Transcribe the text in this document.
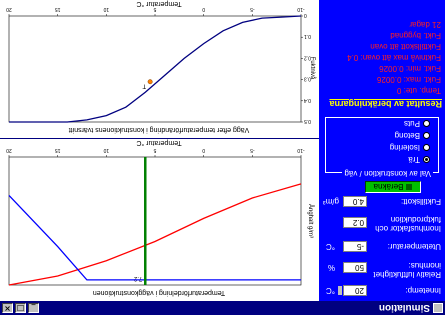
Simulation
_
□
×
Innetemp:
20
°C
Relativ luftfuktighet
inomhus:
50
%
Utetemperatur:
-5
°C
Inomhusfaktor och
fuktproduktion
0.2
Fuktillskott:
4.0
g/m³
Beräkna
Val av konstruktion / väg
Trä
Isolering
Betong
Puts
Resultat av beräkningarna
Temp. ute: 0
Fukt. max: 0.0026
Fukt. min: 0.0026
Fuktnivå max ätt ovan: 0.4
Fukttillskott ätt ovan
Fukt. byggnad
21 dagar
Temperaturfördelning i väggkonstruktionen
Temperatur °C
Ånghalt g/m³
7.2
-10
-5
0
5
10
15
20
Vägg efter temperaturförändring i konstruktionens tvärsnitt
Temperatur °C
Fuktnivå
T
-10
-5
0
5
10
15
20
0
0.1
0.2
0.3
0.4
0.5
